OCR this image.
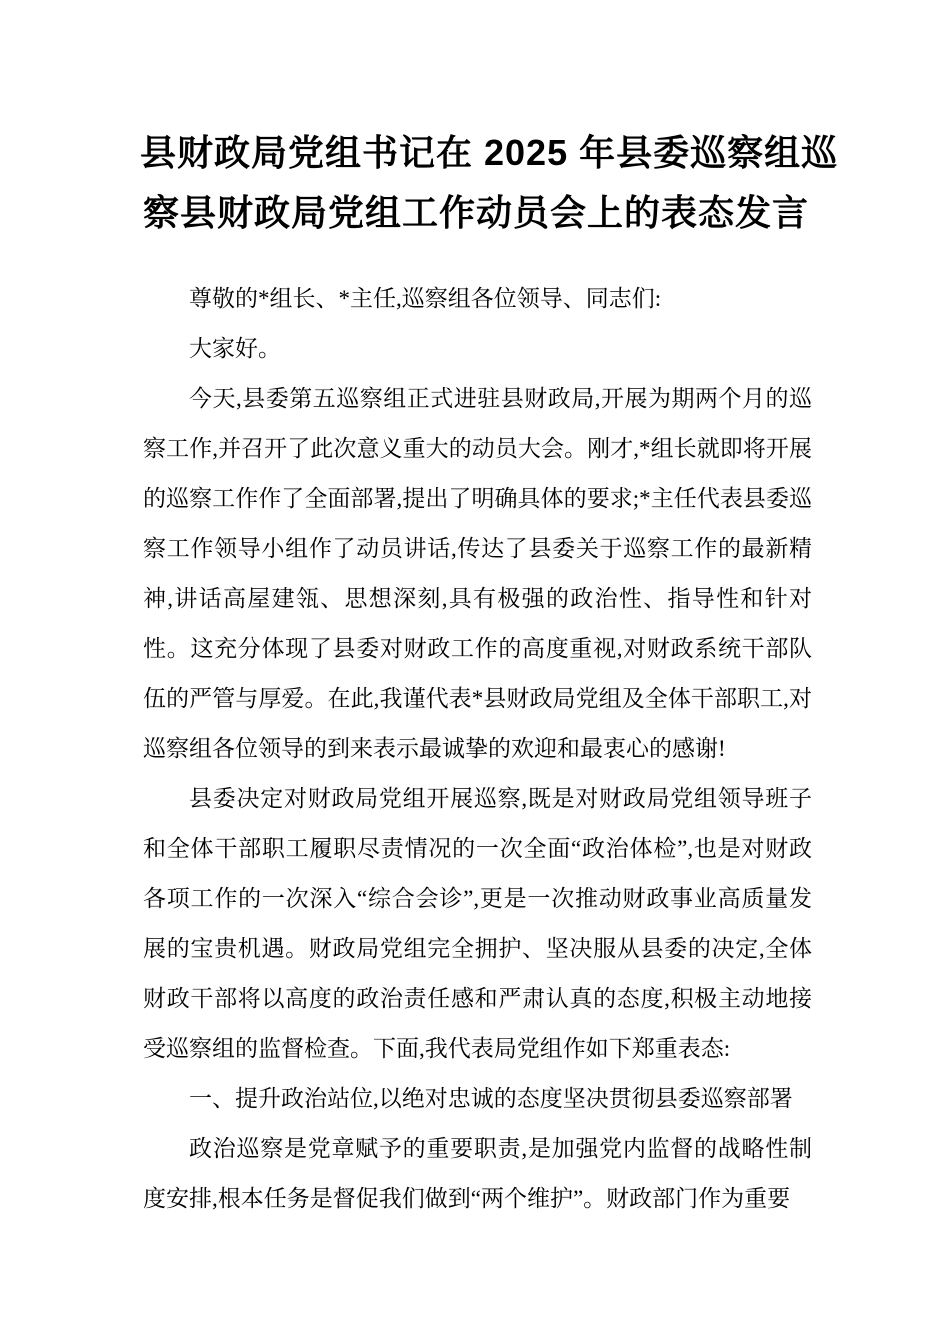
县财政局党组书记在 2025 年县委巡察组巡
察县财政局党组工作动员会上的表态发言

尊敬的*组长、*主任,巡察组各位领导、同志们:

大家好。

今天,县委第五巡察组正式进驻县财政局,开展为期两个月的巡察工作,并召开了此次意义重大的动员大会。刚才,*组长就即将开展的巡察工作作了全面部署,提出了明确具体的要求;*主任代表县委巡察工作领导小组作了动员讲话,传达了县委关于巡察工作的最新精神,讲话高屋建瓴、思想深刻,具有极强的政治性、指导性和针对性。这充分体现了县委对财政工作的高度重视,对财政系统干部队伍的严管与厚爱。在此,我谨代表*县财政局党组及全体干部职工,对巡察组各位领导的到来表示最诚挚的欢迎和最衷心的感谢!

县委决定对财政局党组开展巡察,既是对财政局党组领导班子和全体干部职工履职尽责情况的一次全面“政治体检”,也是对财政各项工作的一次深入“综合会诊”,更是一次推动财政事业高质量发展的宝贵机遇。财政局党组完全拥护、坚决服从县委的决定,全体财政干部将以高度的政治责任感和严肃认真的态度,积极主动地接受巡察组的监督检查。下面,我代表局党组作如下郑重表态:

一、提升政治站位,以绝对忠诚的态度坚决贯彻县委巡察部署

政治巡察是党章赋予的重要职责,是加强党内监督的战略性制度安排,根本任务是督促我们做到“两个维护”。财政部门作为重要
